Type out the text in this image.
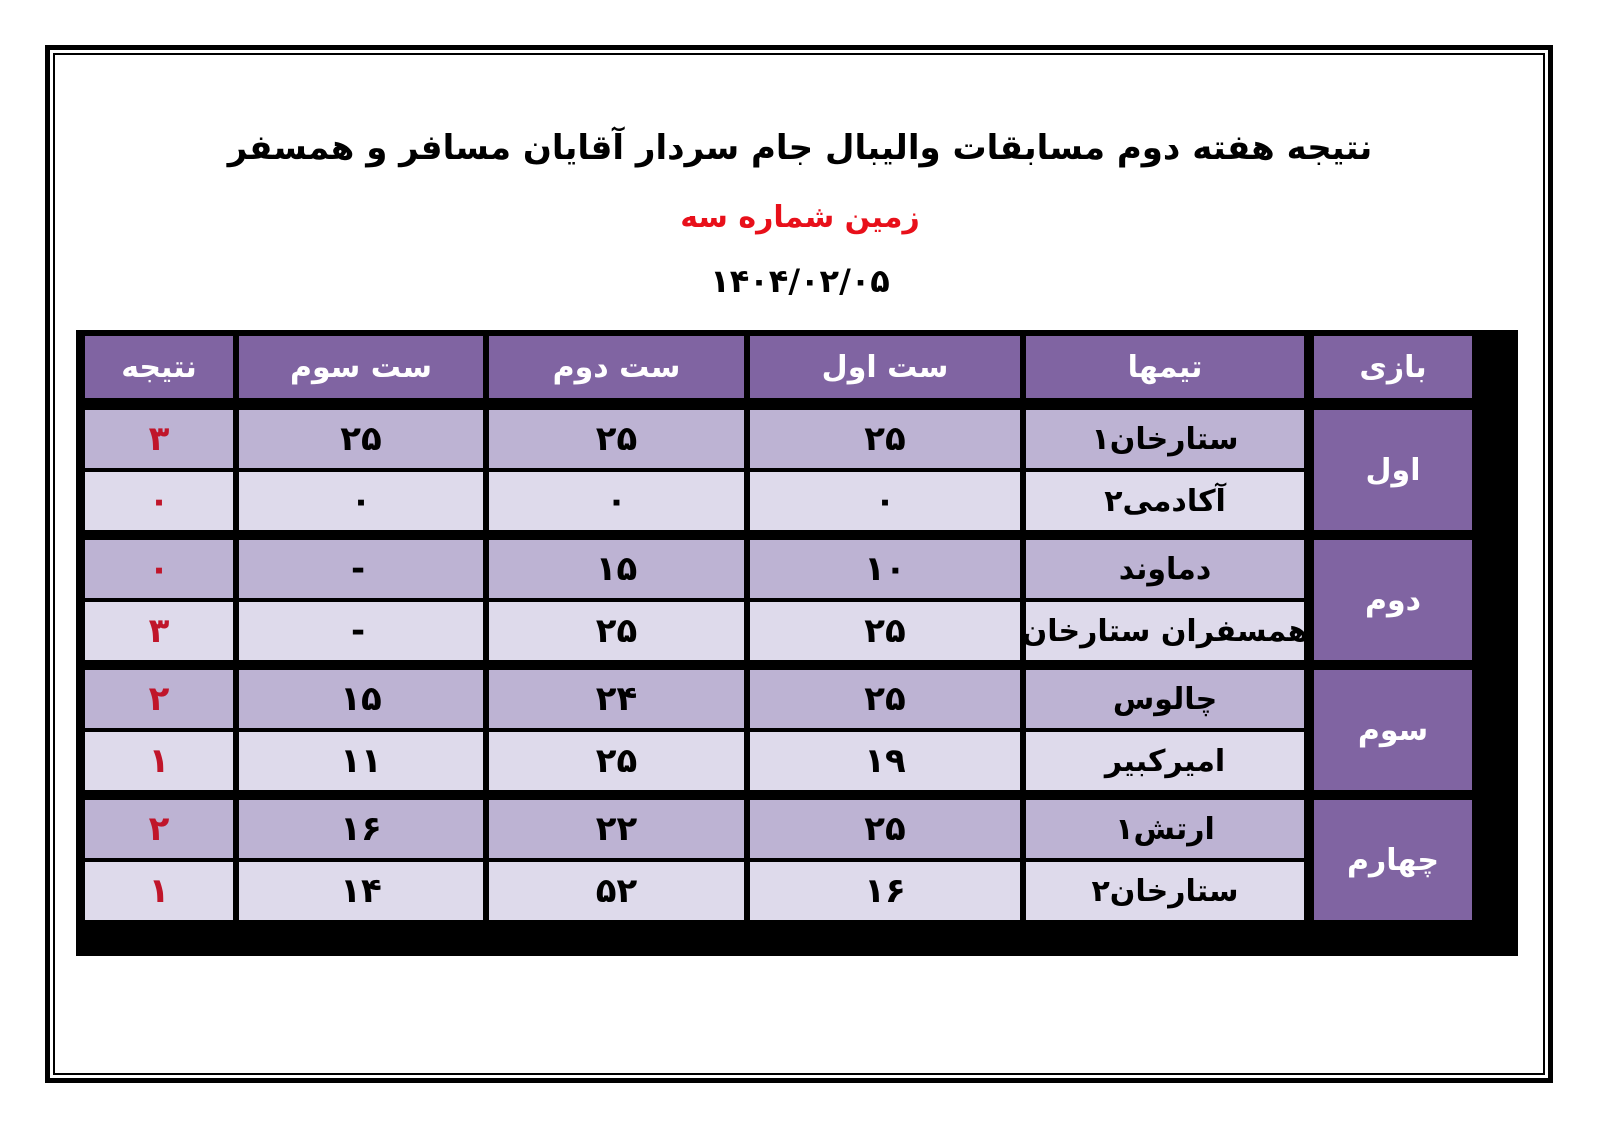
نتیجه هفته دوم مسابقات والیبال جام سردار آقایان مسافر و همسفر
زمین شماره سه
۱۴۰۴/۰۲/۰۵
بازی
تیمها
ست اول
ست دوم
ست سوم
نتیجه
اول
ستارخان۱
۲۵
۲۵
۲۵
۳
آکادمی۲
۰
۰
۰
۰
دوم
دماوند
۱۰
۱۵
-
۰
همسفران ستارخان
۲۵
۲۵
-
۳
سوم
چالوس
۲۵
۲۴
۱۵
۲
امیرکبیر
۱۹
۲۵
۱۱
۱
چهارم
ارتش۱
۲۵
۲۲
۱۶
۲
ستارخان۲
۱۶
۵۲
۱۴
۱
